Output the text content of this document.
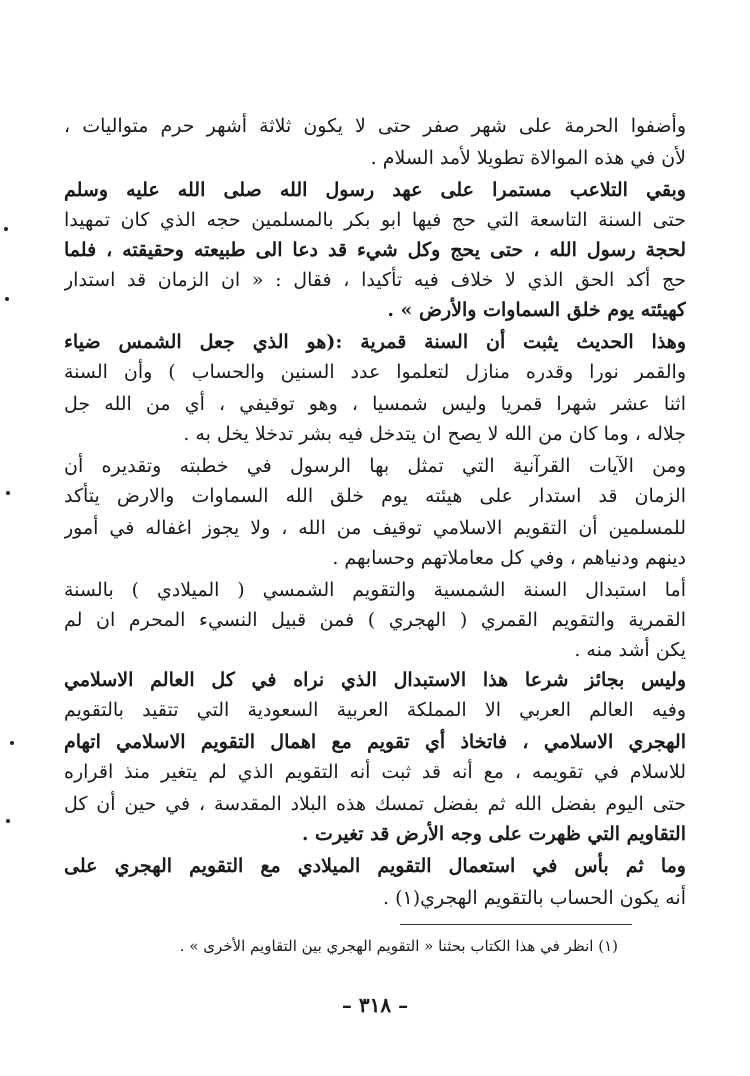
وأضفوا الحرمة على شهر صفر حتى لا يكون ثلاثة أشهر حرم متواليات ،
لأن في هذه الموالاة تطويلا لأمد السلام .
وبقي التلاعب مستمرا على عهد رسول الله صلى الله عليه وسلم
حتى السنة التاسعة التي حج فيها ابو بكر بالمسلمين حجه الذي كان تمهيدا
لحجة رسول الله ، حتى يحج وكل شيء قد دعا الى طبيعته وحقيقته ، فلما
حج أكد الحق الذي لا خلاف فيه تأكيدا ، فقال : « ان الزمان قد استدار
كهيئته يوم خلق السماوات والأرض » .
وهذا الحديث يثبت أن السنة قمرية :(هو الذي جعل الشمس ضياء
والقمر نورا وقدره منازل لتعلموا عدد السنين والحساب ) وأن السنة
اثنا عشر شهرا قمريا وليس شمسيا ، وهو توقيفي ، أي من الله جل
جلاله ، وما كان من الله لا يصح ان يتدخل فيه بشر تدخلا يخل به .
ومن الآيات القرآنية التي تمثل بها الرسول في خطبته وتقديره أن
الزمان قد استدار على هيئته يوم خلق الله السماوات والارض يتأكد
للمسلمين أن التقويم الاسلامي توقيف من الله ، ولا يجوز اغفاله في أمور
دينهم ودنياهم ، وفي كل معاملاتهم وحسابهم .
أما استبدال السنة الشمسية والتقويم الشمسي ( الميلادي ) بالسنة
القمرية والتقويم القمري ( الهجري ) فمن قبيل النسيء المحرم ان لم
يكن أشد منه .
وليس بجائز شرعا هذا الاستبدال الذي نراه في كل العالم الاسلامي
وفيه العالم العربي الا المملكة العربية السعودية التي تتقيد بالتقويم
الهجري الاسلامي ، فاتخاذ أي تقويم مع اهمال التقويم الاسلامي اتهام
للاسلام في تقويمه ، مع أنه قد ثبت أنه التقويم الذي لم يتغير منذ اقراره
حتى اليوم بفضل الله ثم بفضل تمسك هذه البلاد المقدسة ، في حين أن كل
التقاويم التي ظهرت على وجه الأرض قد تغيرت .
وما ثم بأس في استعمال التقويم الميلادي مع التقويم الهجري على
أنه يكون الحساب بالتقويم الهجري(١) .
(١) انظر في هذا الكتاب بحثنا « التقويم الهجري بين التقاويم الأخرى » .
– ٣١٨ –
